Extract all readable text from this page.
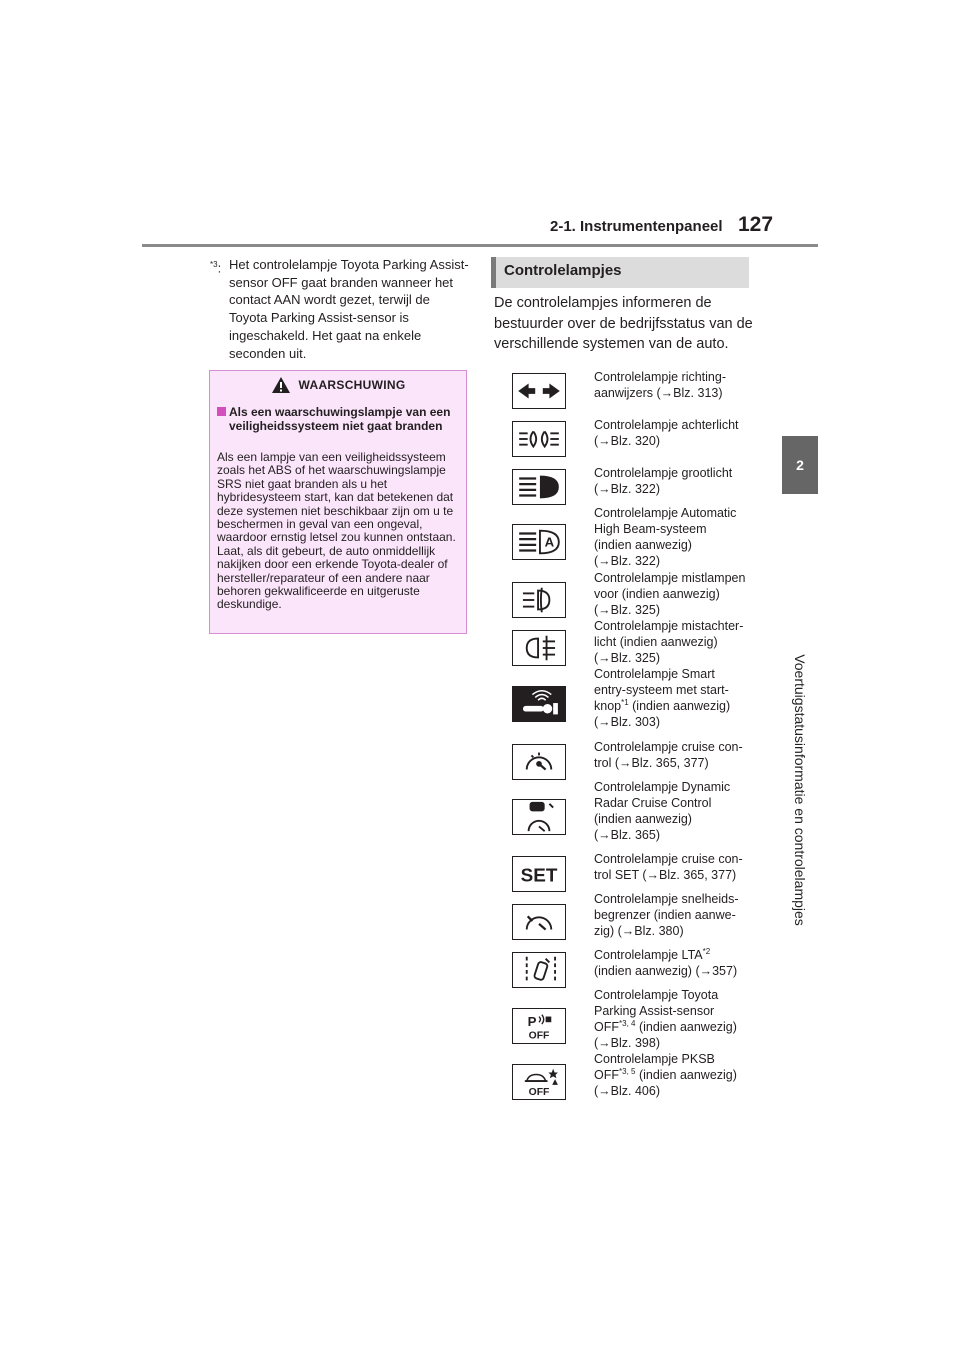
2-1. Instrumentenpaneel 127
2
Voertuigstatusinformatie en controlelampjes
$^{*3}$: Het controlelampje Toyota Parking Assist-sensor OFF gaat branden wanneer het contact AAN wordt gezet, terwijl de Toyota Parking Assist-sensor is ingeschakeld. Het gaat na enkele seconden uit.
WAARSCHUWING
Als een waarschuwingslampje van een veiligheidssysteem niet gaat branden
Als een lampje van een veiligheidssysteem zoals het ABS of het waarschuwingslampje SRS niet gaat branden als u het hybridesysteem start, kan dat betekenen dat deze systemen niet beschikbaar zijn om u te beschermen in geval van een ongeval, waardoor ernstig letsel zou kunnen ontstaan. Laat, als dit gebeurt, de auto onmiddellijk nakijken door een erkende Toyota-dealer of hersteller/reparateur of een andere naar behoren gekwalificeerde en uitgeruste deskundige.
Controlelampjes
De controlelampjes informeren de bestuurder over de bedrijfsstatus van de verschillende systemen van de auto.
A
SET
P
OFF
OFF
Controlelampje richting-
aanwijzers (→Blz. 313)
Controlelampje achterlicht
(→Blz. 320)
Controlelampje grootlicht
(→Blz. 322)
Controlelampje Automatic
High Beam-systeem
(indien aanwezig)
(→Blz. 322)
Controlelampje mistlampen
voor (indien aanwezig)
(→Blz. 325)
Controlelampje mistachter-
licht (indien aanwezig)
(→Blz. 325)
Controlelampje Smart
entry-systeem met start-
knop$^{*1}$ (indien aanwezig)
(→Blz. 303)
Controlelampje cruise con-
trol (→Blz. 365, 377)
Controlelampje Dynamic
Radar Cruise Control
(indien aanwezig)
(→Blz. 365)
Controlelampje cruise con-
trol SET (→Blz. 365, 377)
Controlelampje snelheids-
begrenzer (indien aanwe-
zig) (→Blz. 380)
Controlelampje LTA$^{*2}$
(indien aanwezig) (→357)
Controlelampje Toyota
Parking Assist-sensor
OFF$^{*3, 4}$ (indien aanwezig)
(→Blz. 398)
Controlelampje PKSB
OFF$^{*3, 5}$ (indien aanwezig)
(→Blz. 406)
